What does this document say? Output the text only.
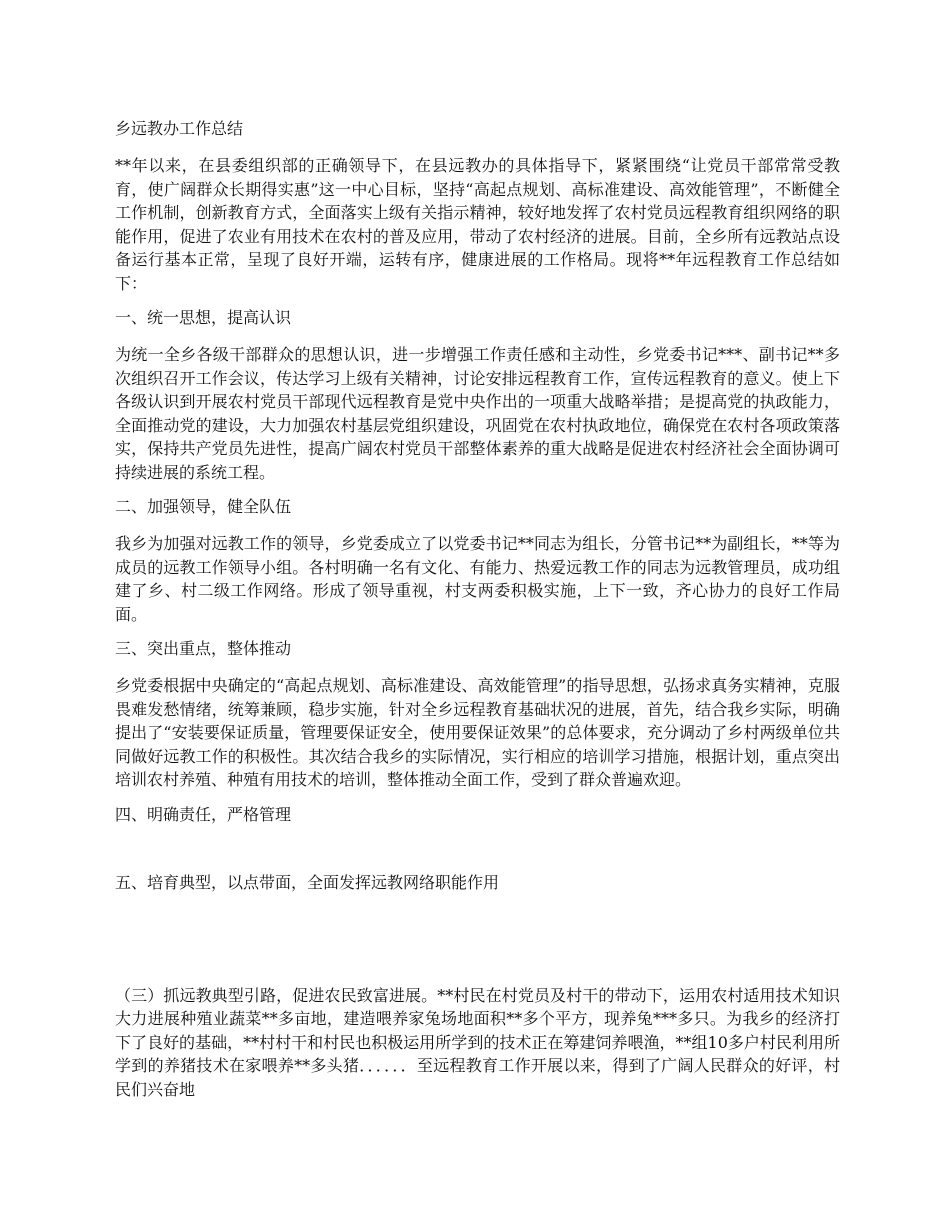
乡远教办工作总结

**年以来，在县委组织部的正确领导下，在县远教办的具体指导下，紧紧围绕“让党员干部常常受教育，使广阔群众长期得实惠”这一中心目标，坚持“高起点规划、高标准建设、高效能管理”，不断健全工作机制，创新教育方式，全面落实上级有关指示精神，较好地发挥了农村党员远程教育组织网络的职能作用，促进了农业有用技术在农村的普及应用，带动了农村经济的进展。目前，全乡所有远教站点设备运行基本正常，呈现了良好开端，运转有序，健康进展的工作格局。现将**年远程教育工作总结如下：

一、统一思想，提高认识

为统一全乡各级干部群众的思想认识，进一步增强工作责任感和主动性，乡党委书记***、副书记**多次组织召开工作会议，传达学习上级有关精神，讨论安排远程教育工作，宣传远程教育的意义。使上下各级认识到开展农村党员干部现代远程教育是党中央作出的一项重大战略举措；是提高党的执政能力，全面推动党的建设，大力加强农村基层党组织建设，巩固党在农村执政地位，确保党在农村各项政策落实，保持共产党员先进性，提高广阔农村党员干部整体素养的重大战略是促进农村经济社会全面协调可持续进展的系统工程。

二、加强领导，健全队伍

我乡为加强对远教工作的领导，乡党委成立了以党委书记**同志为组长，分管书记**为副组长，**等为成员的远教工作领导小组。各村明确一名有文化、有能力、热爱远教工作的同志为远教管理员，成功组建了乡、村二级工作网络。形成了领导重视，村支两委积极实施，上下一致，齐心协力的良好工作局面。

三、突出重点，整体推动

乡党委根据中央确定的“高起点规划、高标准建设、高效能管理”的指导思想，弘扬求真务实精神，克服畏难发愁情绪，统筹兼顾，稳步实施，针对全乡远程教育基础状况的进展，首先，结合我乡实际，明确提出了“安装要保证质量，管理要保证安全，使用要保证效果”的总体要求，充分调动了乡村两级单位共同做好远教工作的积极性。其次结合我乡的实际情况，实行相应的培训学习措施，根据计划，重点突出培训农村养殖、种殖有用技术的培训，整体推动全面工作，受到了群众普遍欢迎。

四、明确责任，严格管理

五、培育典型，以点带面，全面发挥远教网络职能作用

（三）抓远教典型引路，促进农民致富进展。**村民在村党员及村干的带动下，运用农村适用技术知识大力进展种殖业蔬菜**多亩地，建造喂养家兔场地面积**多个平方，现养兔***多只。为我乡的经济打下了良好的基础，**村村干和村民也积极运用所学到的技术正在筹建饲养喂渔，**组10多户村民利用所学到的养猪技术在家喂养**多头猪．．．．．．至远程教育工作开展以来，得到了广阔人民群众的好评，村民们兴奋地
